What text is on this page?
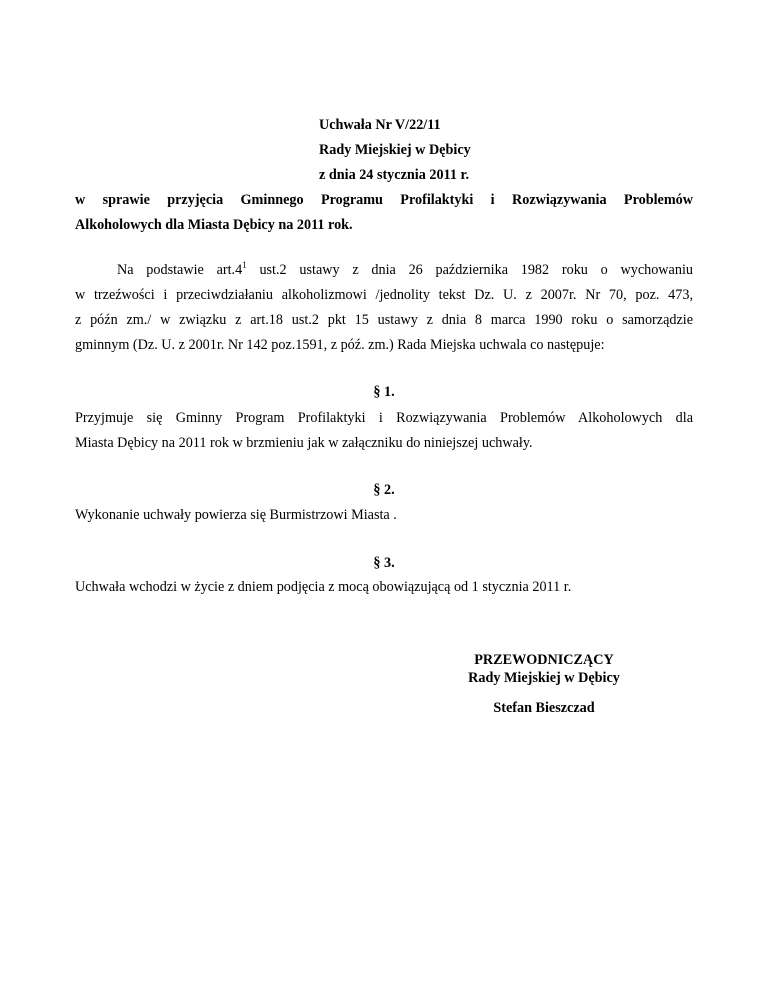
Uchwała Nr V/22/11
Rady Miejskiej w Dębicy
z dnia 24 stycznia 2011 r.
w sprawie przyjęcia Gminnego Programu Profilaktyki i Rozwiązywania Problemów
Alkoholowych dla Miasta Dębicy na 2011 rok.
Na podstawie $art.4^1$ ust.2 ustawy z dnia 26 października 1982 roku o wychowaniu
w trzeźwości i przeciwdziałaniu alkoholizmowi /jednolity tekst Dz. U. z 2007r. Nr 70, poz. 473,
z późn zm./ w związku z art.18 ust.2 pkt 15 ustawy z dnia 8 marca 1990 roku o samorządzie
gminnym (Dz. U. z 2001r. Nr 142 poz.1591, z póź. zm.) Rada Miejska uchwala co następuje:
§ 1.
Przyjmuje się Gminny Program Profilaktyki i Rozwiązywania Problemów Alkoholowych dla
Miasta Dębicy na 2011 rok w brzmieniu jak w załączniku do niniejszej uchwały.
§ 2.
Wykonanie uchwały powierza się Burmistrzowi Miasta .
§ 3.
Uchwała wchodzi w życie z dniem podjęcia z mocą obowiązującą od 1 stycznia 2011 r.
PRZEWODNICZĄCY
Rady Miejskiej w Dębicy
Stefan Bieszczad
